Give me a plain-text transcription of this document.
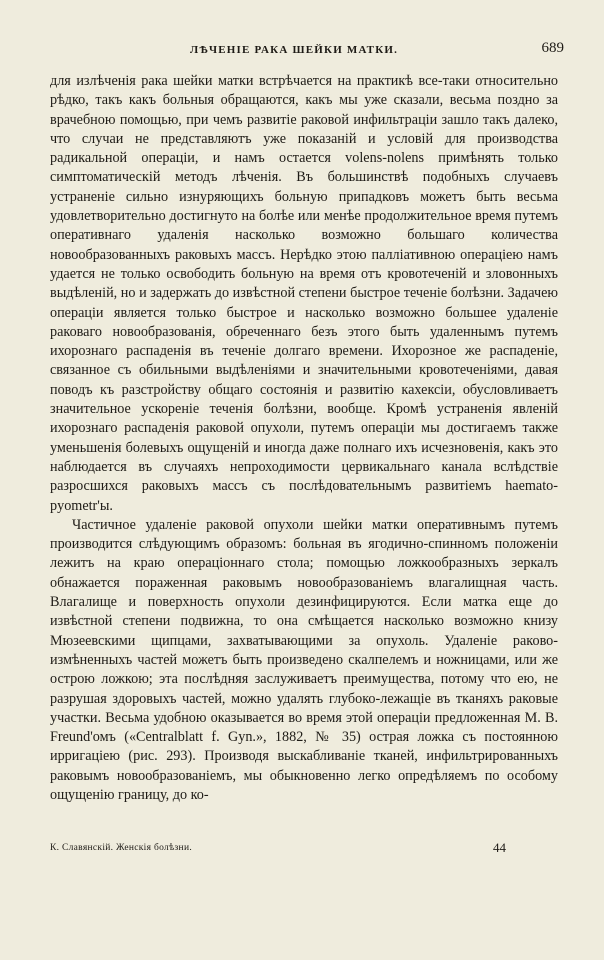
ЛѢЧЕНІЕ РАКА ШЕЙКИ МАТКИ.	689

для излѣченія рака шейки матки встрѣчается на практикѣ все-таки относительно рѣдко, такъ какъ больныя обращаются, какъ мы уже сказали, весьма поздно за врачебною помощью, при чемъ развитіе раковой инфильтраціи зашло такъ далеко, что случаи не представляютъ уже показаній и условій для производства радикальной операціи, и намъ остается volens-nolens примѣнять только симптоматическій методъ лѣченія. Въ большинствѣ подобныхъ случаевъ устраненіе сильно изнуряющихъ больную припадковъ можетъ быть весьма удовлетворительно достигнуто на болѣе или менѣе продолжительное время путемъ оперативнаго удаленія насколько возможно большаго количества новообразованныхъ раковыхъ массъ. Нерѣдко этою палліативною операціею намъ удается не только освободить больную на время отъ кровотеченій и зловонныхъ выдѣленій, но и задержать до извѣстной степени быстрое теченіе болѣзни. Задачею операціи является только быстрое и насколько возможно большее удаленіе раковаго новообразованія, обреченнаго безъ этого быть удаленнымъ путемъ ихорознаго распаденія въ теченіе долгаго времени. Ихорозное же распаденіе, связанное съ обильными выдѣленіями и значительными кровотеченіями, давая поводъ къ разстройству общаго состоянія и развитію кахексіи, обусловливаетъ значительное ускореніе теченія болѣзни, вообще. Кромѣ устраненія явленій ихорознаго распаденія раковой опухоли, путемъ операціи мы достигаемъ также уменьшенія болевыхъ ощущеній и иногда даже полнаго ихъ исчезновенія, какъ это наблюдается въ случаяхъ непроходимости цервикальнаго канала вслѣдствіе разросшихся раковыхъ массъ съ послѣдовательнымъ развитіемъ haemato-pyometr'ы.

Частичное удаленіе раковой опухоли шейки матки оперативнымъ путемъ производится слѣдующимъ образомъ: больная въ ягодично-спинномъ положеніи лежитъ на краю операціоннаго стола; помощью ложкообразныхъ зеркалъ обнажается пораженная раковымъ новообразованіемъ влагалищная часть. Влагалище и поверхность опухоли дезинфицируются. Если матка еще до извѣстной степени подвижна, то она смѣщается насколько возможно книзу Мюзеевскими щипцами, захватывающими за опухоль. Удаленіе раково-измѣненныхъ частей можетъ быть произведено скалпелемъ и ножницами, или же острою ложкою; эта послѣдняя заслуживаетъ преимущества, потому что ею, не разрушая здоровыхъ частей, можно удалять глубоко-лежащіе въ тканяхъ раковые участки. Весьма удобною оказывается во время этой операціи предложенная M. B. Freund'омъ («Centralblatt f. Gyn.», 1882, № 35) острая ложка съ постоянною ирригаціею (рис. 293). Производя выскабливаніе тканей, инфильтрированныхъ раковымъ новообразованіемъ, мы обыкновенно легко опредѣляемъ по особому ощущенію границу, до ко-

К. Славянскій. Женскія болѣзни.	44
